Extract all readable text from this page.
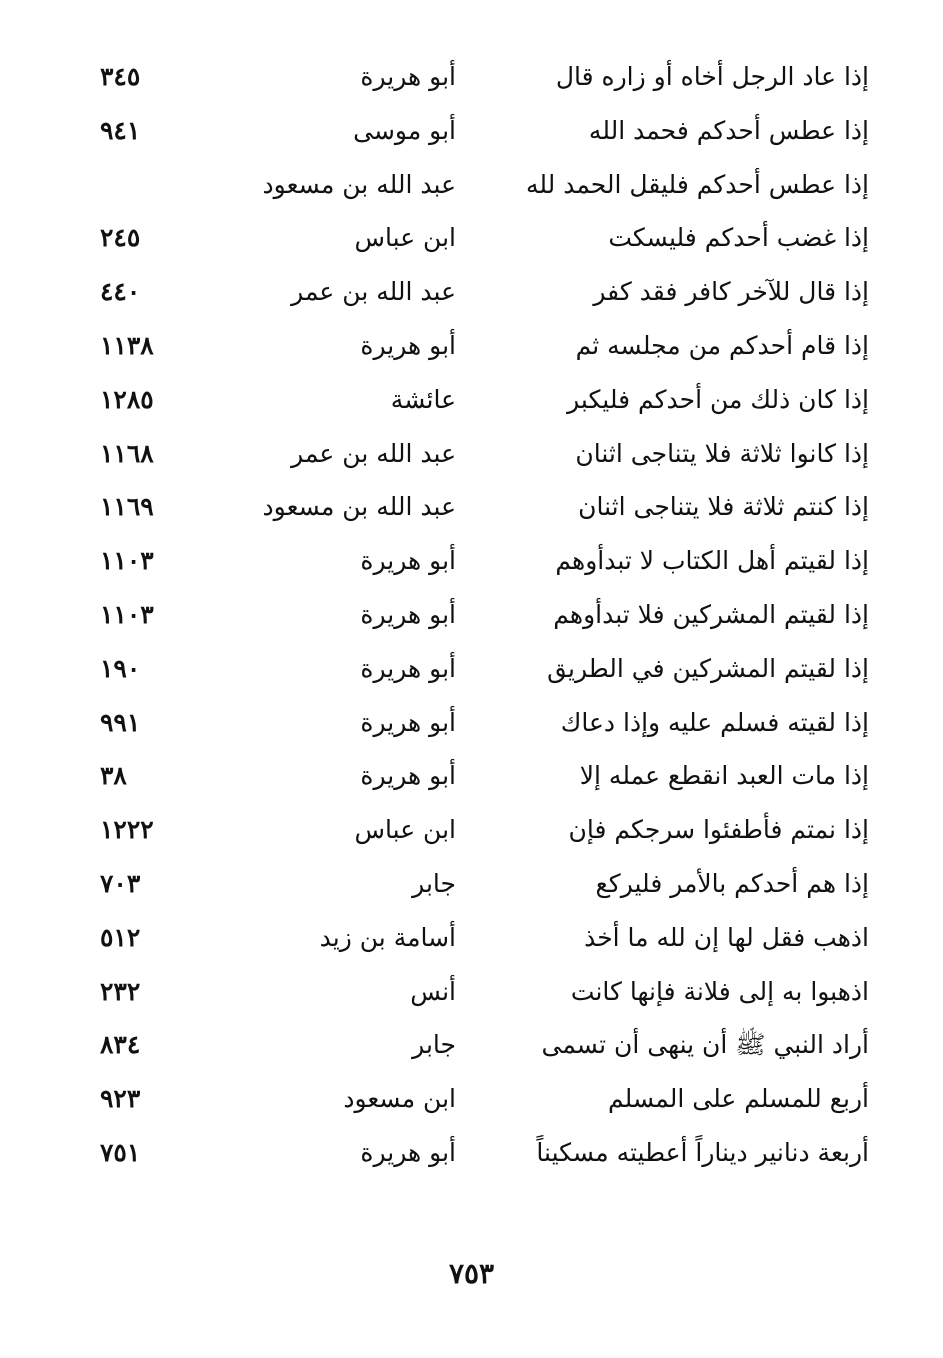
إذا عاد الرجل أخاه أو زاره قال
أبو هريرة
٣٤٥
إذا عطس أحدكم فحمد الله
أبو موسى
٩٤١
إذا عطس أحدكم فليقل الحمد لله
عبد الله بن مسعود
إذا غضب أحدكم فليسكت
ابن عباس
٢٤٥
إذا قال للآخر كافر فقد كفر
عبد الله بن عمر
٤٤٠
إذا قام أحدكم من مجلسه ثم
أبو هريرة
١١٣٨
إذا كان ذلك من أحدكم فليكبر
عائشة
١٢٨٥
إذا كانوا ثلاثة فلا يتناجى اثنان
عبد الله بن عمر
١١٦٨
إذا كنتم ثلاثة فلا يتناجى اثنان
عبد الله بن مسعود
١١٦٩
إذا لقيتم أهل الكتاب لا تبدأوهم
أبو هريرة
١١٠٣
إذا لقيتم المشركين فلا تبدأوهم
أبو هريرة
١١٠٣
إذا لقيتم المشركين في الطريق
أبو هريرة
١٩٠
إذا لقيته فسلم عليه وإذا دعاك
أبو هريرة
٩٩١
إذا مات العبد انقطع عمله إلا
أبو هريرة
٣٨
إذا نمتم فأطفئوا سرجكم فإن
ابن عباس
١٢٢٢
إذا هم أحدكم بالأمر فليركع
جابر
٧٠٣
اذهب فقل لها إن لله ما أخذ
أسامة بن زيد
٥١٢
اذهبوا به إلى فلانة فإنها كانت
أنس
٢٣٢
أراد النبي ﷺ أن ينهى أن تسمى
جابر
٨٣٤
أربع للمسلم على المسلم
ابن مسعود
٩٢٣
أربعة دنانير ديناراً أعطيته مسكيناً
أبو هريرة
٧٥١
٧٥٣
